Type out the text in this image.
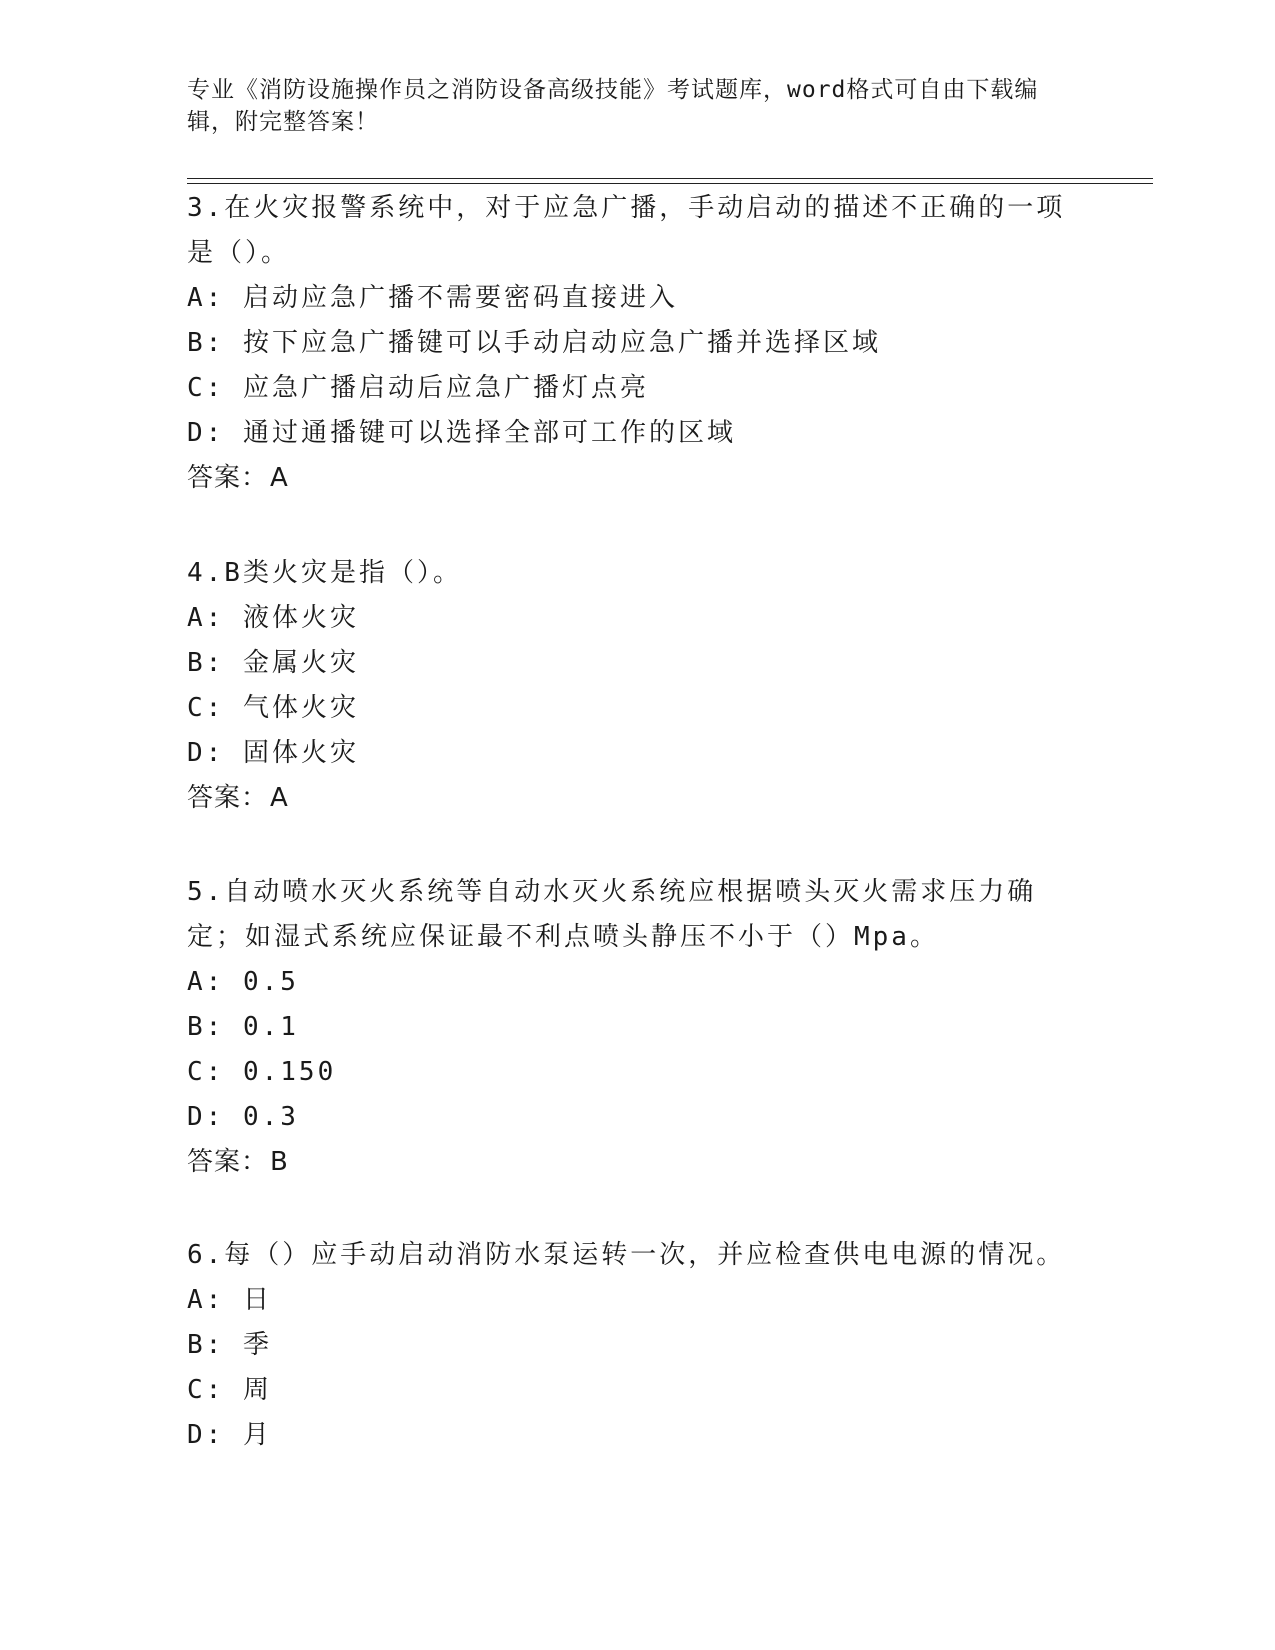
专业《消防设施操作员之消防设备高级技能》考试题库，word格式可自由下载编辑，附完整答案！

3.在火灾报警系统中，对于应急广播，手动启动的描述不正确的一项是（）。

A: 启动应急广播不需要密码直接进入

B: 按下应急广播键可以手动启动应急广播并选择区域

C: 应急广播启动后应急广播灯点亮

D: 通过通播键可以选择全部可工作的区域

答案：A

4.B类火灾是指（）。

A: 液体火灾

B: 金属火灾

C: 气体火灾

D: 固体火灾

答案：A

5.自动喷水灭火系统等自动水灭火系统应根据喷头灭火需求压力确定；如湿式系统应保证最不利点喷头静压不小于（）Mpa。

A: 0.5

B: 0.1

C: 0.150

D: 0.3

答案：B

6.每（）应手动启动消防水泵运转一次，并应检查供电电源的情况。

A: 日

B: 季

C: 周

D: 月
